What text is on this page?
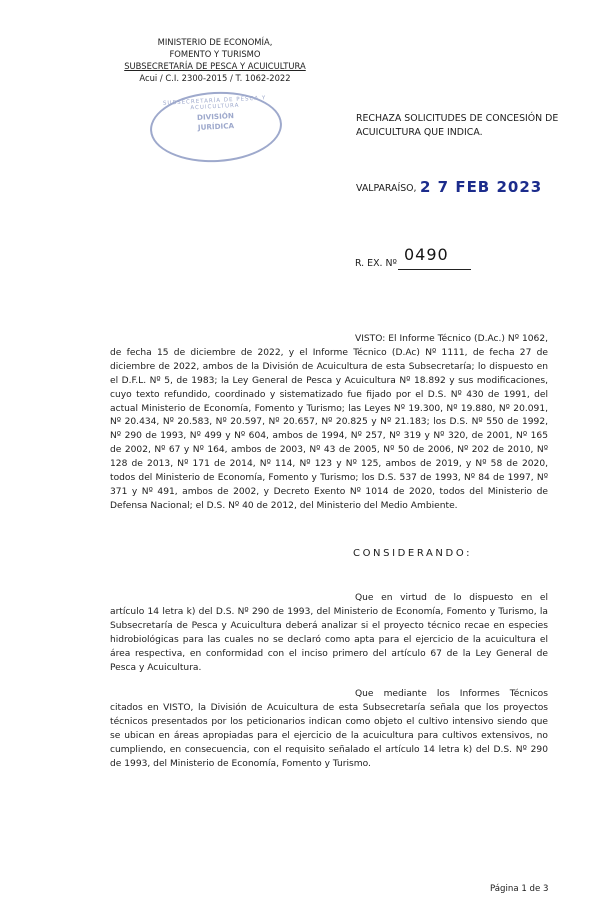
MINISTERIO DE ECONOMÍA,
FOMENTO Y TURISMO
SUBSECRETARÍA DE PESCA Y ACUICULTURA
Acui / C.I. 2300-2015 / T. 1062-2022
SUBSECRETARÍA DE PESCA Y ACUICULTURA
DIVISIÓN
JURÍDICA
RECHAZA SOLICITUDES DE CONCESIÓN DE ACUICULTURA QUE INDICA.
VALPARAÍSO, 2 7 FEB 2023
R. EX. Nº 0490
VISTO: El Informe Técnico (D.Ac.) Nº 1062, de fecha 15 de diciembre de 2022, y el Informe Técnico (D.Ac) Nº 1111, de fecha 27 de diciembre de 2022, ambos de la División de Acuicultura de esta Subsecretaría; lo dispuesto en el D.F.L. Nº 5, de 1983; la Ley General de Pesca y Acuicultura Nº 18.892 y sus modificaciones, cuyo texto refundido, coordinado y sistematizado fue fijado por el D.S. Nº 430 de 1991, del actual Ministerio de Economía, Fomento y Turismo; las Leyes Nº 19.300, Nº 19.880, Nº 20.091, Nº 20.434, Nº 20.583, Nº 20.597, Nº 20.657, Nº 20.825 y Nº 21.183; los D.S. Nº 550 de 1992, Nº 290 de 1993, Nº 499 y Nº 604, ambos de 1994, Nº 257, Nº 319 y Nº 320, de 2001, Nº 165 de 2002, Nº 67 y Nº 164, ambos de 2003, Nº 43 de 2005, Nº 50 de 2006, Nº 202 de 2010, Nº 128 de 2013, Nº 171 de 2014, Nº 114, Nº 123 y Nº 125, ambos de 2019, y Nº 58 de 2020, todos del Ministerio de Economía, Fomento y Turismo; los D.S. 537 de 1993, Nº 84 de 1997, Nº 371 y Nº 491, ambos de 2002, y Decreto Exento Nº 1014 de 2020, todos del Ministerio de Defensa Nacional; el D.S. Nº 40 de 2012, del Ministerio del Medio Ambiente.
CONSIDERANDO:
Que en virtud de lo dispuesto en el artículo 14 letra k) del D.S. Nº 290 de 1993, del Ministerio de Economía, Fomento y Turismo, la Subsecretaría de Pesca y Acuicultura deberá analizar si el proyecto técnico recae en especies hidrobiológicas para las cuales no se declaró como apta para el ejercicio de la acuicultura el área respectiva, en conformidad con el inciso primero del artículo 67 de la Ley General de Pesca y Acuicultura.
Que mediante los Informes Técnicos citados en VISTO, la División de Acuicultura de esta Subsecretaría señala que los proyectos técnicos presentados por los peticionarios indican como objeto el cultivo intensivo siendo que se ubican en áreas apropiadas para el ejercicio de la acuicultura para cultivos extensivos, no cumpliendo, en consecuencia, con el requisito señalado el artículo 14 letra k) del D.S. Nº 290 de 1993, del Ministerio de Economía, Fomento y Turismo.
Página 1 de 3
